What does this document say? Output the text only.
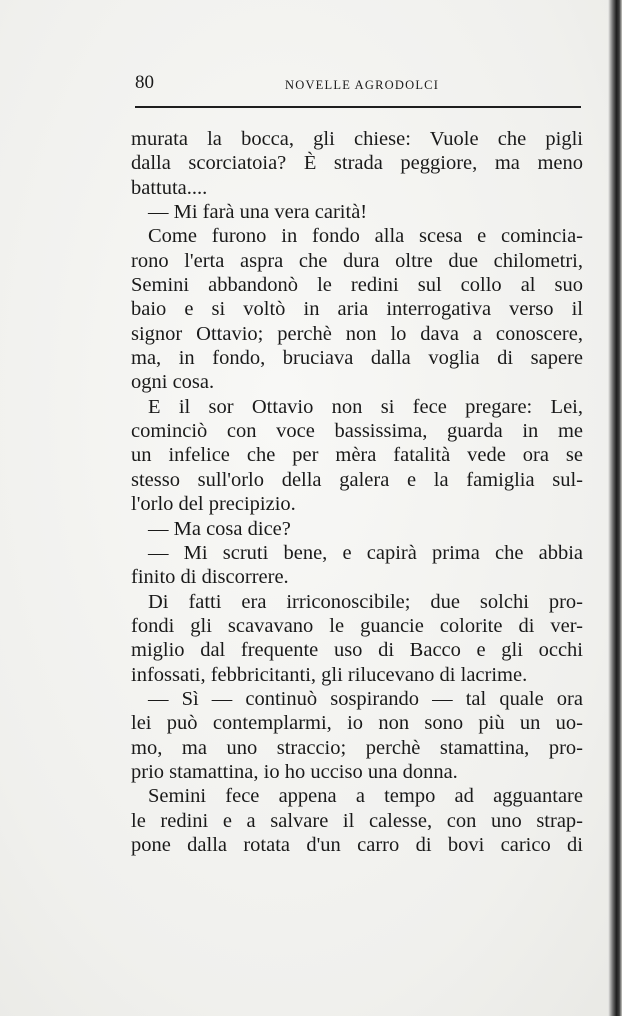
80	NOVELLE AGRODOLCI
murata la bocca, gli chiese: Vuole che pigli
dalla scorciatoia? È strada peggiore, ma meno
battuta....
— Mi farà una vera carità!
Come furono in fondo alla scesa e comincia-
rono l'erta aspra che dura oltre due chilometri,
Semini abbandonò le redini sul collo al suo
baio e si voltò in aria interrogativa verso il
signor Ottavio; perchè non lo dava a conoscere,
ma, in fondo, bruciava dalla voglia di sapere
ogni cosa.
E il sor Ottavio non si fece pregare: Lei,
cominciò con voce bassissima, guarda in me
un infelice che per mèra fatalità vede ora se
stesso sull'orlo della galera e la famiglia sul-
l'orlo del precipizio.
— Ma cosa dice?
— Mi scruti bene, e capirà prima che abbia
finito di discorrere.
Di fatti era irriconoscibile; due solchi pro-
fondi gli scavavano le guancie colorite di ver-
miglio dal frequente uso di Bacco e gli occhi
infossati, febbricitanti, gli rilucevano di lacrime.
— Sì — continuò sospirando — tal quale ora
lei può contemplarmi, io non sono più un uo-
mo, ma uno straccio; perchè stamattina, pro-
prio stamattina, io ho ucciso una donna.
Semini fece appena a tempo ad agguantare
le redini e a salvare il calesse, con uno strap-
pone dalla rotata d'un carro di bovi carico di
